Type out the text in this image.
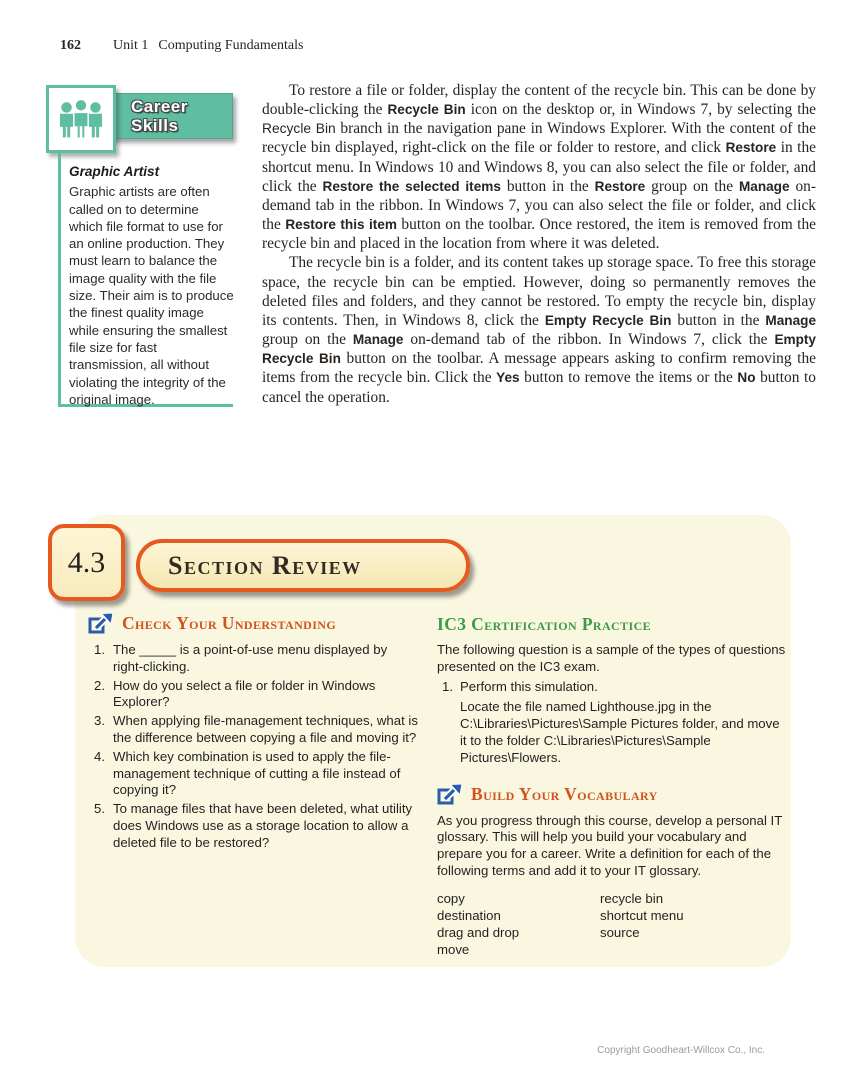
162 Unit 1 Computing Fundamentals
Career
Skills
Graphic Artist
Graphic artists are often called on to determine which file format to use for an online production. They must learn to balance the image quality with the file size. Their aim is to produce the finest quality image while ensuring the smallest file size for fast transmission, all without violating the integrity of the original image.

To restore a file or folder, display the content of the recycle bin. This can be done by double-clicking the Recycle Bin icon on the desktop or, in Windows 7, by selecting the Recycle Bin branch in the navigation pane in Windows Explorer. With the content of the recycle bin displayed, right-click on the file or folder to restore, and click Restore in the shortcut menu. In Windows 10 and Windows 8, you can also select the file or folder, and click the Restore the selected items button in the Restore group on the Manage on-demand tab in the ribbon. In Windows 7, you can also select the file or folder, and click the Restore this item button on the toolbar. Once restored, the item is removed from the recycle bin and placed in the location from where it was deleted.

The recycle bin is a folder, and its content takes up storage space. To free this storage space, the recycle bin can be emptied. However, doing so permanently removes the deleted files and folders, and they cannot be restored. To empty the recycle bin, display its contents. Then, in Windows 8, click the Empty Recycle Bin button in the Manage group on the Manage on-demand tab of the ribbon. In Windows 7, click the Empty Recycle Bin button on the toolbar. A message appears asking to confirm removing the items from the recycle bin. Click the Yes button to remove the items or the No button to cancel the operation.

4.3 Section Review
Check Your Understanding
The _____ is a point-of-use menu displayed by right-clicking.
How do you select a file or folder in Windows Explorer?
When applying file-management techniques, what is the difference between copying a file and moving it?
Which key combination is used to apply the file-management technique of cutting a file instead of copying it?
To manage files that have been deleted, what utility does Windows use as a storage location to allow a deleted file to be restored?
IC3 Certification Practice
The following question is a sample of the types of questions presented on the IC3 exam.
1. Perform this simulation.
Locate the file named Lighthouse.jpg in the C:\Libraries\Pictures\Sample Pictures folder, and move it to the folder C:\Libraries\Pictures\Sample Pictures\Flowers.
Build Your Vocabulary
As you progress through this course, develop a personal IT glossary. This will help you build your vocabulary and prepare you for a career. Write a definition for each of the following terms and add it to your IT glossary.
copy
destination
drag and drop
move
recycle bin
shortcut menu
source
Copyright Goodheart-Willcox Co., Inc.
